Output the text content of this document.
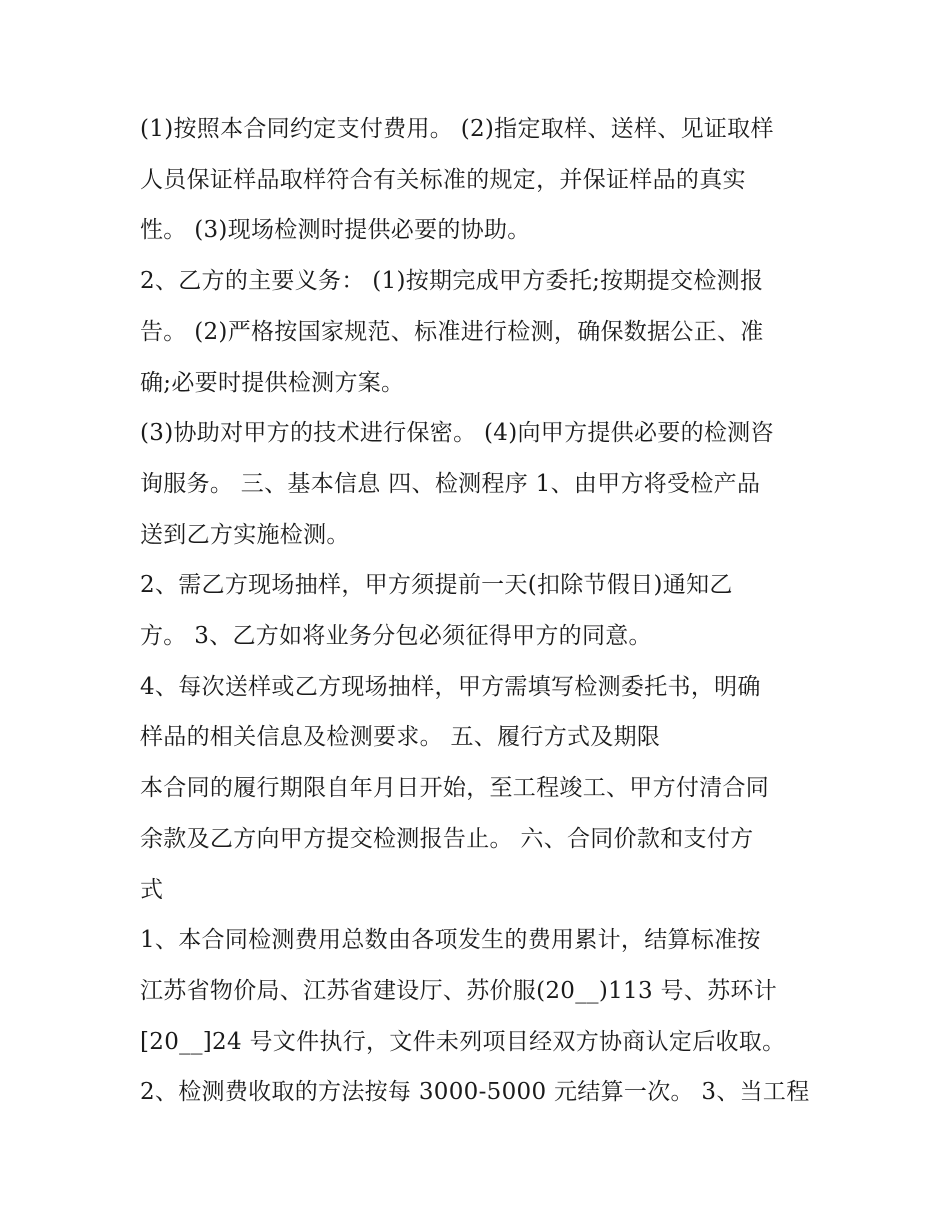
(1)按照本合同约定支付费用。 (2)指定取样、送样、见证取样

人员保证样品取样符合有关标准的规定，并保证样品的真实

性。 (3)现场检测时提供必要的协助。

2、乙方的主要义务： (1)按期完成甲方委托;按期提交检测报

告。 (2)严格按国家规范、标准进行检测，确保数据公正、准

确;必要时提供检测方案。

(3)协助对甲方的技术进行保密。 (4)向甲方提供必要的检测咨

询服务。 三、基本信息 四、检测程序 1、由甲方将受检产品

送到乙方实施检测。

2、需乙方现场抽样，甲方须提前一天(扣除节假日)通知乙

方。 3、乙方如将业务分包必须征得甲方的同意。

4、每次送样或乙方现场抽样，甲方需填写检测委托书，明确

样品的相关信息及检测要求。 五、履行方式及期限

本合同的履行期限自年月日开始，至工程竣工、甲方付清合同

余款及乙方向甲方提交检测报告止。 六、合同价款和支付方

式

1、本合同检测费用总数由各项发生的费用累计，结算标准按

江苏省物价局、江苏省建设厅、苏价服(20__)113 号、苏环计

[20__]24 号文件执行，文件未列项目经双方协商认定后收取。

2、检测费收取的方法按每 3000-5000 元结算一次。 3、当工程
